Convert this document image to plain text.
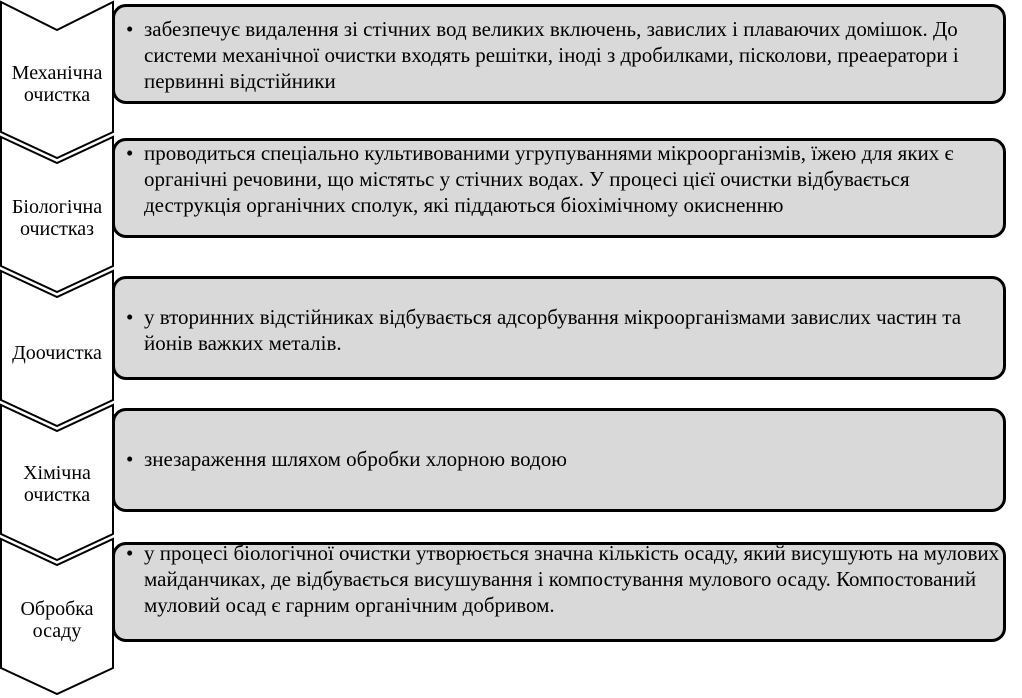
Механічна
очистка
Біологічна
очистказ
Доочистка
Хімічна
очистка
Обробка
осаду
• забезпечує видалення зі стічних вод великих включень, завислих і плаваючих домішок. До системи механічної очистки входять решітки, іноді з дробилками, пісколови, преаератори і первинні відстійники
• проводиться спеціально культивованими угрупуваннями мікроорганізмів, їжею для яких є органічні речовини, що містятьс у стічних водах. У процесі цієї очистки відбувається деструкція органічних сполук, які піддаються біохімічному окисненню
• у вторинних відстійниках відбувається адсорбування мікроорганізмами завислих частин та йонів важких металів.
• знезараження шляхом обробки хлорною водою
• у процесі біологічної очистки утворюється значна кількість осаду, який висушують на мулових майданчиках, де відбувається висушування і компостування мулового осаду. Компостований муловий осад є гарним органічним добривом.
